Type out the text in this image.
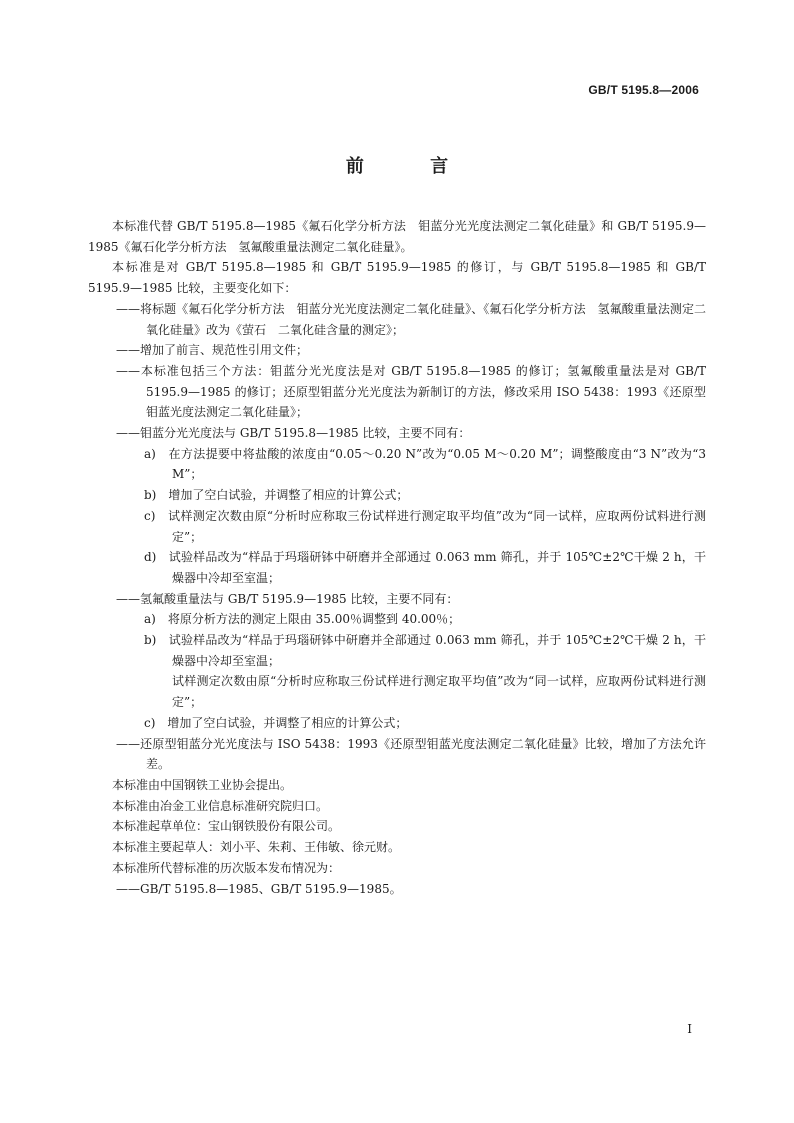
GB/T 5195.8—2006
前 言

本标准代替 GB/T 5195.8—1985《氟石化学分析方法　钼蓝分光光度法测定二氧化硅量》和 GB/T 5195.9—1985《氟石化学分析方法　氢氟酸重量法测定二氧化硅量》。

本标准是对 GB/T 5195.8—1985 和 GB/T 5195.9—1985 的修订，与 GB/T 5195.8—1985 和 GB/T 5195.9—1985 比较，主要变化如下：

——将标题《氟石化学分析方法　钼蓝分光光度法测定二氧化硅量》、《氟石化学分析方法　氢氟酸重量法测定二氧化硅量》改为《萤石　二氧化硅含量的测定》；

——增加了前言、规范性引用文件；

——本标准包括三个方法：钼蓝分光光度法是对 GB/T 5195.8—1985 的修订；氢氟酸重量法是对 GB/T 5195.9—1985 的修订；还原型钼蓝分光光度法为新制订的方法，修改采用 ISO 5438：1993《还原型钼蓝光度法测定二氧化硅量》；

——钼蓝分光光度法与 GB/T 5195.8—1985 比较，主要不同有：

a)　在方法提要中将盐酸的浓度由“0.05～0.20 N”改为“0.05 M～0.20 M”；调整酸度由“3 N”改为“3 M”；

b)　增加了空白试验，并调整了相应的计算公式；

c)　试样测定次数由原“分析时应称取三份试样进行测定取平均值”改为“同一试样，应取两份试料进行测定”；

d)　试验样品改为“样品于玛瑙研钵中研磨并全部通过 0.063 mm 筛孔，并于 105℃±2℃干燥 2 h，干燥器中冷却至室温；

——氢氟酸重量法与 GB/T 5195.9—1985 比较，主要不同有：

a)　将原分析方法的测定上限由 35.00％调整到 40.00％；

b)　试验样品改为“样品于玛瑙研钵中研磨并全部通过 0.063 mm 筛孔，并于 105℃±2℃干燥 2 h，干燥器中冷却至室温；

试样测定次数由原“分析时应称取三份试样进行测定取平均值”改为“同一试样，应取两份试料进行测定”；

c)　增加了空白试验，并调整了相应的计算公式；

——还原型钼蓝分光光度法与 ISO 5438：1993《还原型钼蓝光度法测定二氧化硅量》比较，增加了方法允许差。

本标准由中国钢铁工业协会提出。

本标准由冶金工业信息标准研究院归口。

本标准起草单位：宝山钢铁股份有限公司。

本标准主要起草人：刘小平、朱莉、王伟敏、徐元财。

本标准所代替标准的历次版本发布情况为：

——GB/T 5195.8—1985、GB/T 5195.9—1985。

I
